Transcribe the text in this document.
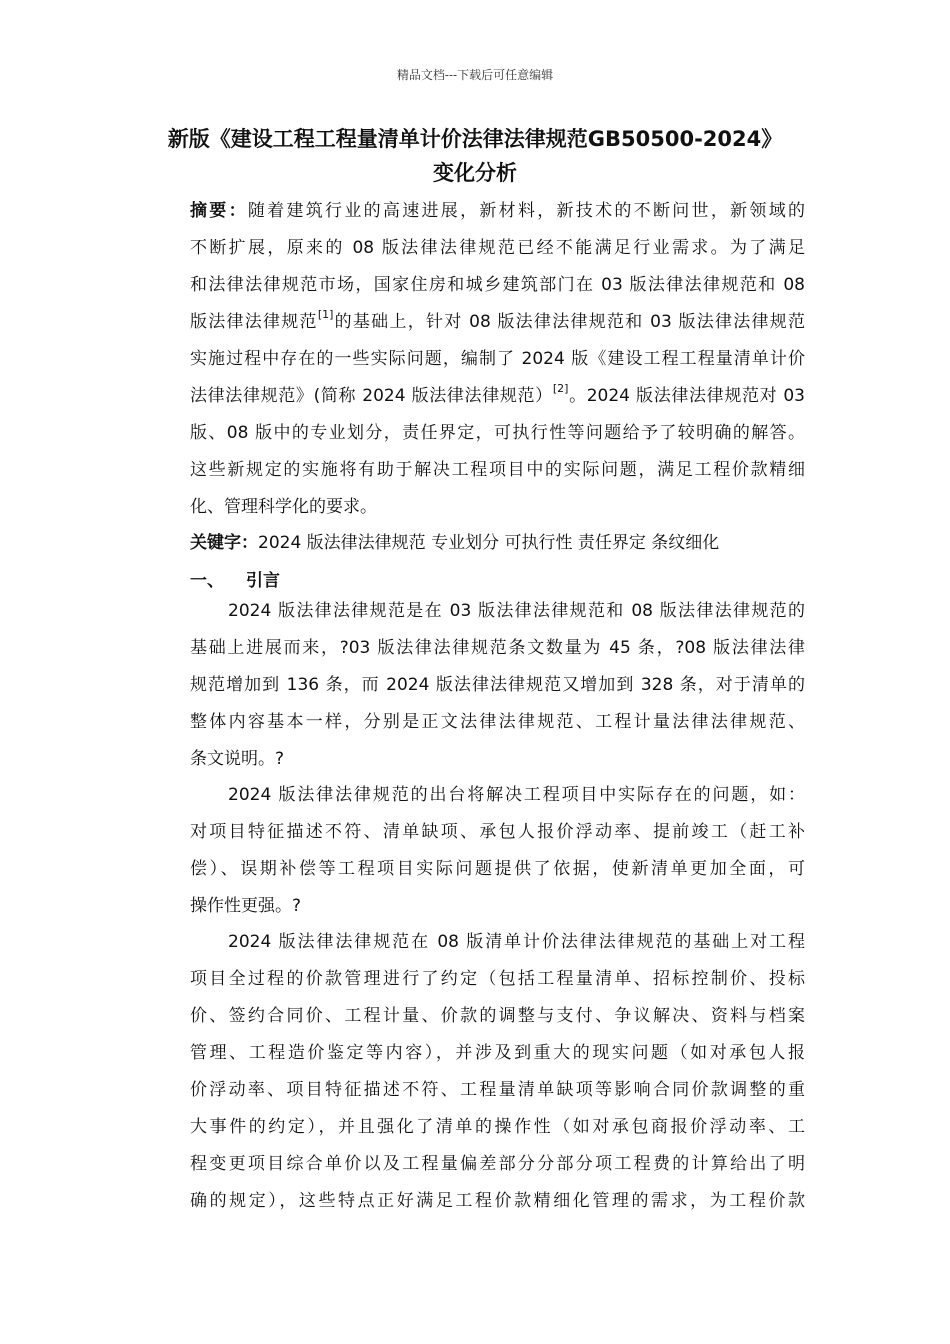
精品文档---下载后可任意编辑
新版《建设工程工程量清单计价法律法律规范GB50500-2024》
变化分析
摘要：随着建筑行业的高速进展，新材料，新技术的不断问世，新领域的
不断扩展，原来的 08 版法律法律规范已经不能满足行业需求。为了满足
和法律法律规范市场，国家住房和城乡建筑部门在 03 版法律法律规范和 08
版法律法律规范[1]的基础上，针对 08 版法律法律规范和 03 版法律法律规范
实施过程中存在的一些实际问题，编制了 2024 版《建设工程工程量清单计价
法律法律规范》(简称 2024 版法律法律规范）[2]。2024 版法律法律规范对 03
版、08 版中的专业划分，责任界定，可执行性等问题给予了较明确的解答。
这些新规定的实施将有助于解决工程项目中的实际问题，满足工程价款精细
化、管理科学化的要求。
关键字：2024 版法律法律规范 专业划分 可执行性 责任界定 条纹细化
一、 引言
2024 版法律法律规范是在 03 版法律法律规范和 08 版法律法律规范的
基础上进展而来，?03 版法律法律规范条文数量为 45 条，?08 版法律法律
规范增加到 136 条，而 2024 版法律法律规范又增加到 328 条，对于清单的
整体内容基本一样，分别是正文法律法律规范、工程计量法律法律规范、
条文说明。?
2024 版法律法律规范的出台将解决工程项目中实际存在的问题，如：
对项目特征描述不符、清单缺项、承包人报价浮动率、提前竣工（赶工补
偿）、误期补偿等工程项目实际问题提供了依据，使新清单更加全面，可
操作性更强。?
2024 版法律法律规范在 08 版清单计价法律法律规范的基础上对工程
项目全过程的价款管理进行了约定（包括工程量清单、招标控制价、投标
价、签约合同价、工程计量、价款的调整与支付、争议解决、资料与档案
管理、工程造价鉴定等内容），并涉及到重大的现实问题（如对承包人报
价浮动率、项目特征描述不符、工程量清单缺项等影响合同价款调整的重
大事件的约定），并且强化了清单的操作性（如对承包商报价浮动率、工
程变更项目综合单价以及工程量偏差部分分部分项工程费的计算给出了明
确的规定），这些特点正好满足工程价款精细化管理的需求，为工程价款
